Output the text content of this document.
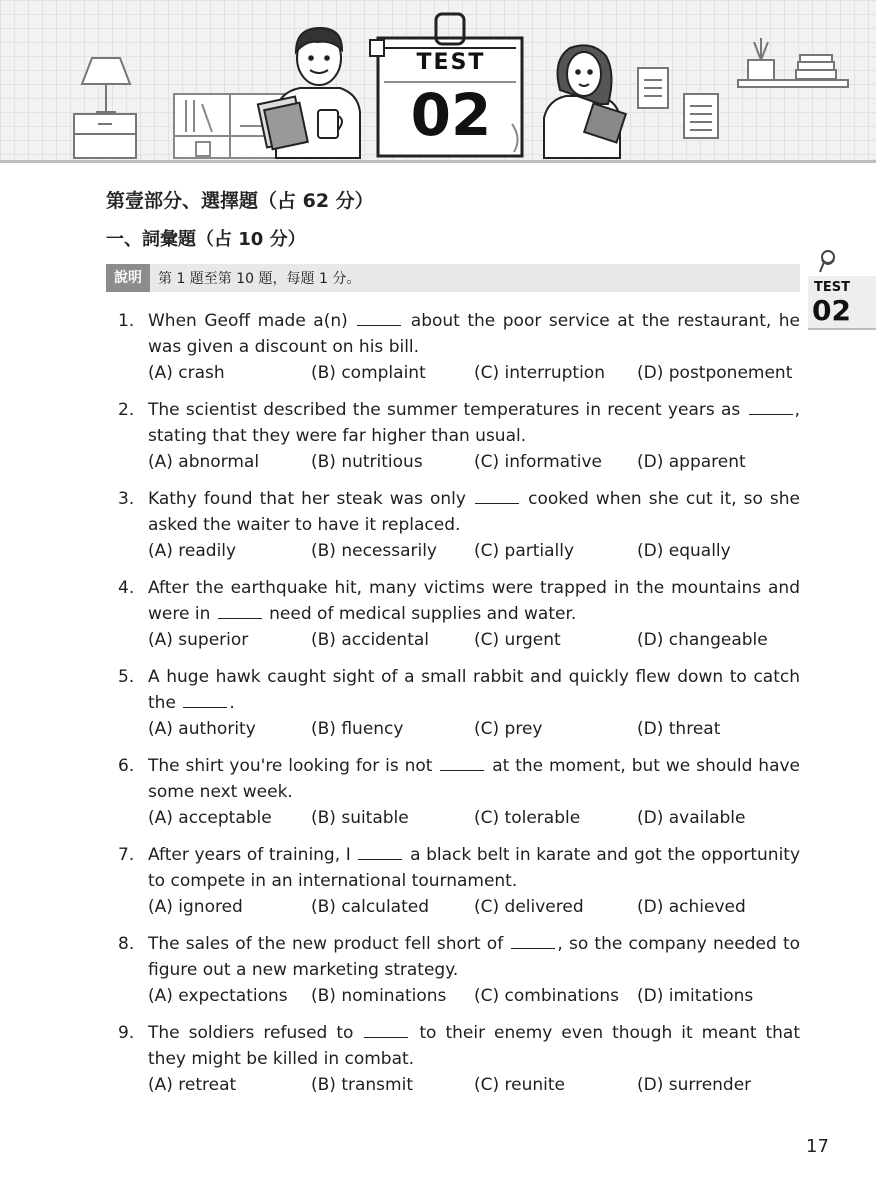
TEST
02
第壹部分、選擇題（占 62 分）
一、詞彙題（占 10 分）
說明	第 1 題至第 10 題，每題 1 分。
TEST
02
1. When Geoff made a(n)	about the poor service at the restaurant, he was given a discount on his bill.
(A) crash	(B) complaint	(C) interruption	(D) postponement
2. The scientist described the summer temperatures in recent years as	, stating that they were far higher than usual.
(A) abnormal	(B) nutritious	(C) informative	(D) apparent
3. Kathy found that her steak was only	cooked when she cut it, so she asked the waiter to have it replaced.
(A) readily	(B) necessarily	(C) partially	(D) equally
4. After the earthquake hit, many victims were trapped in the mountains and were in	need of medical supplies and water.
(A) superior	(B) accidental	(C) urgent	(D) changeable
5. A huge hawk caught sight of a small rabbit and quickly flew down to catch the	.
(A) authority	(B) fluency	(C) prey	(D) threat
6. The shirt you're looking for is not	at the moment, but we should have some next week.
(A) acceptable	(B) suitable	(C) tolerable	(D) available
7. After years of training, I	a black belt in karate and got the opportunity to compete in an international tournament.
(A) ignored	(B) calculated	(C) delivered	(D) achieved
8. The sales of the new product fell short of	, so the company needed to figure out a new marketing strategy.
(A) expectations	(B) nominations	(C) combinations	(D) imitations
9. The soldiers refused to	to their enemy even though it meant that they might be killed in combat.
(A) retreat	(B) transmit	(C) reunite	(D) surrender
17
